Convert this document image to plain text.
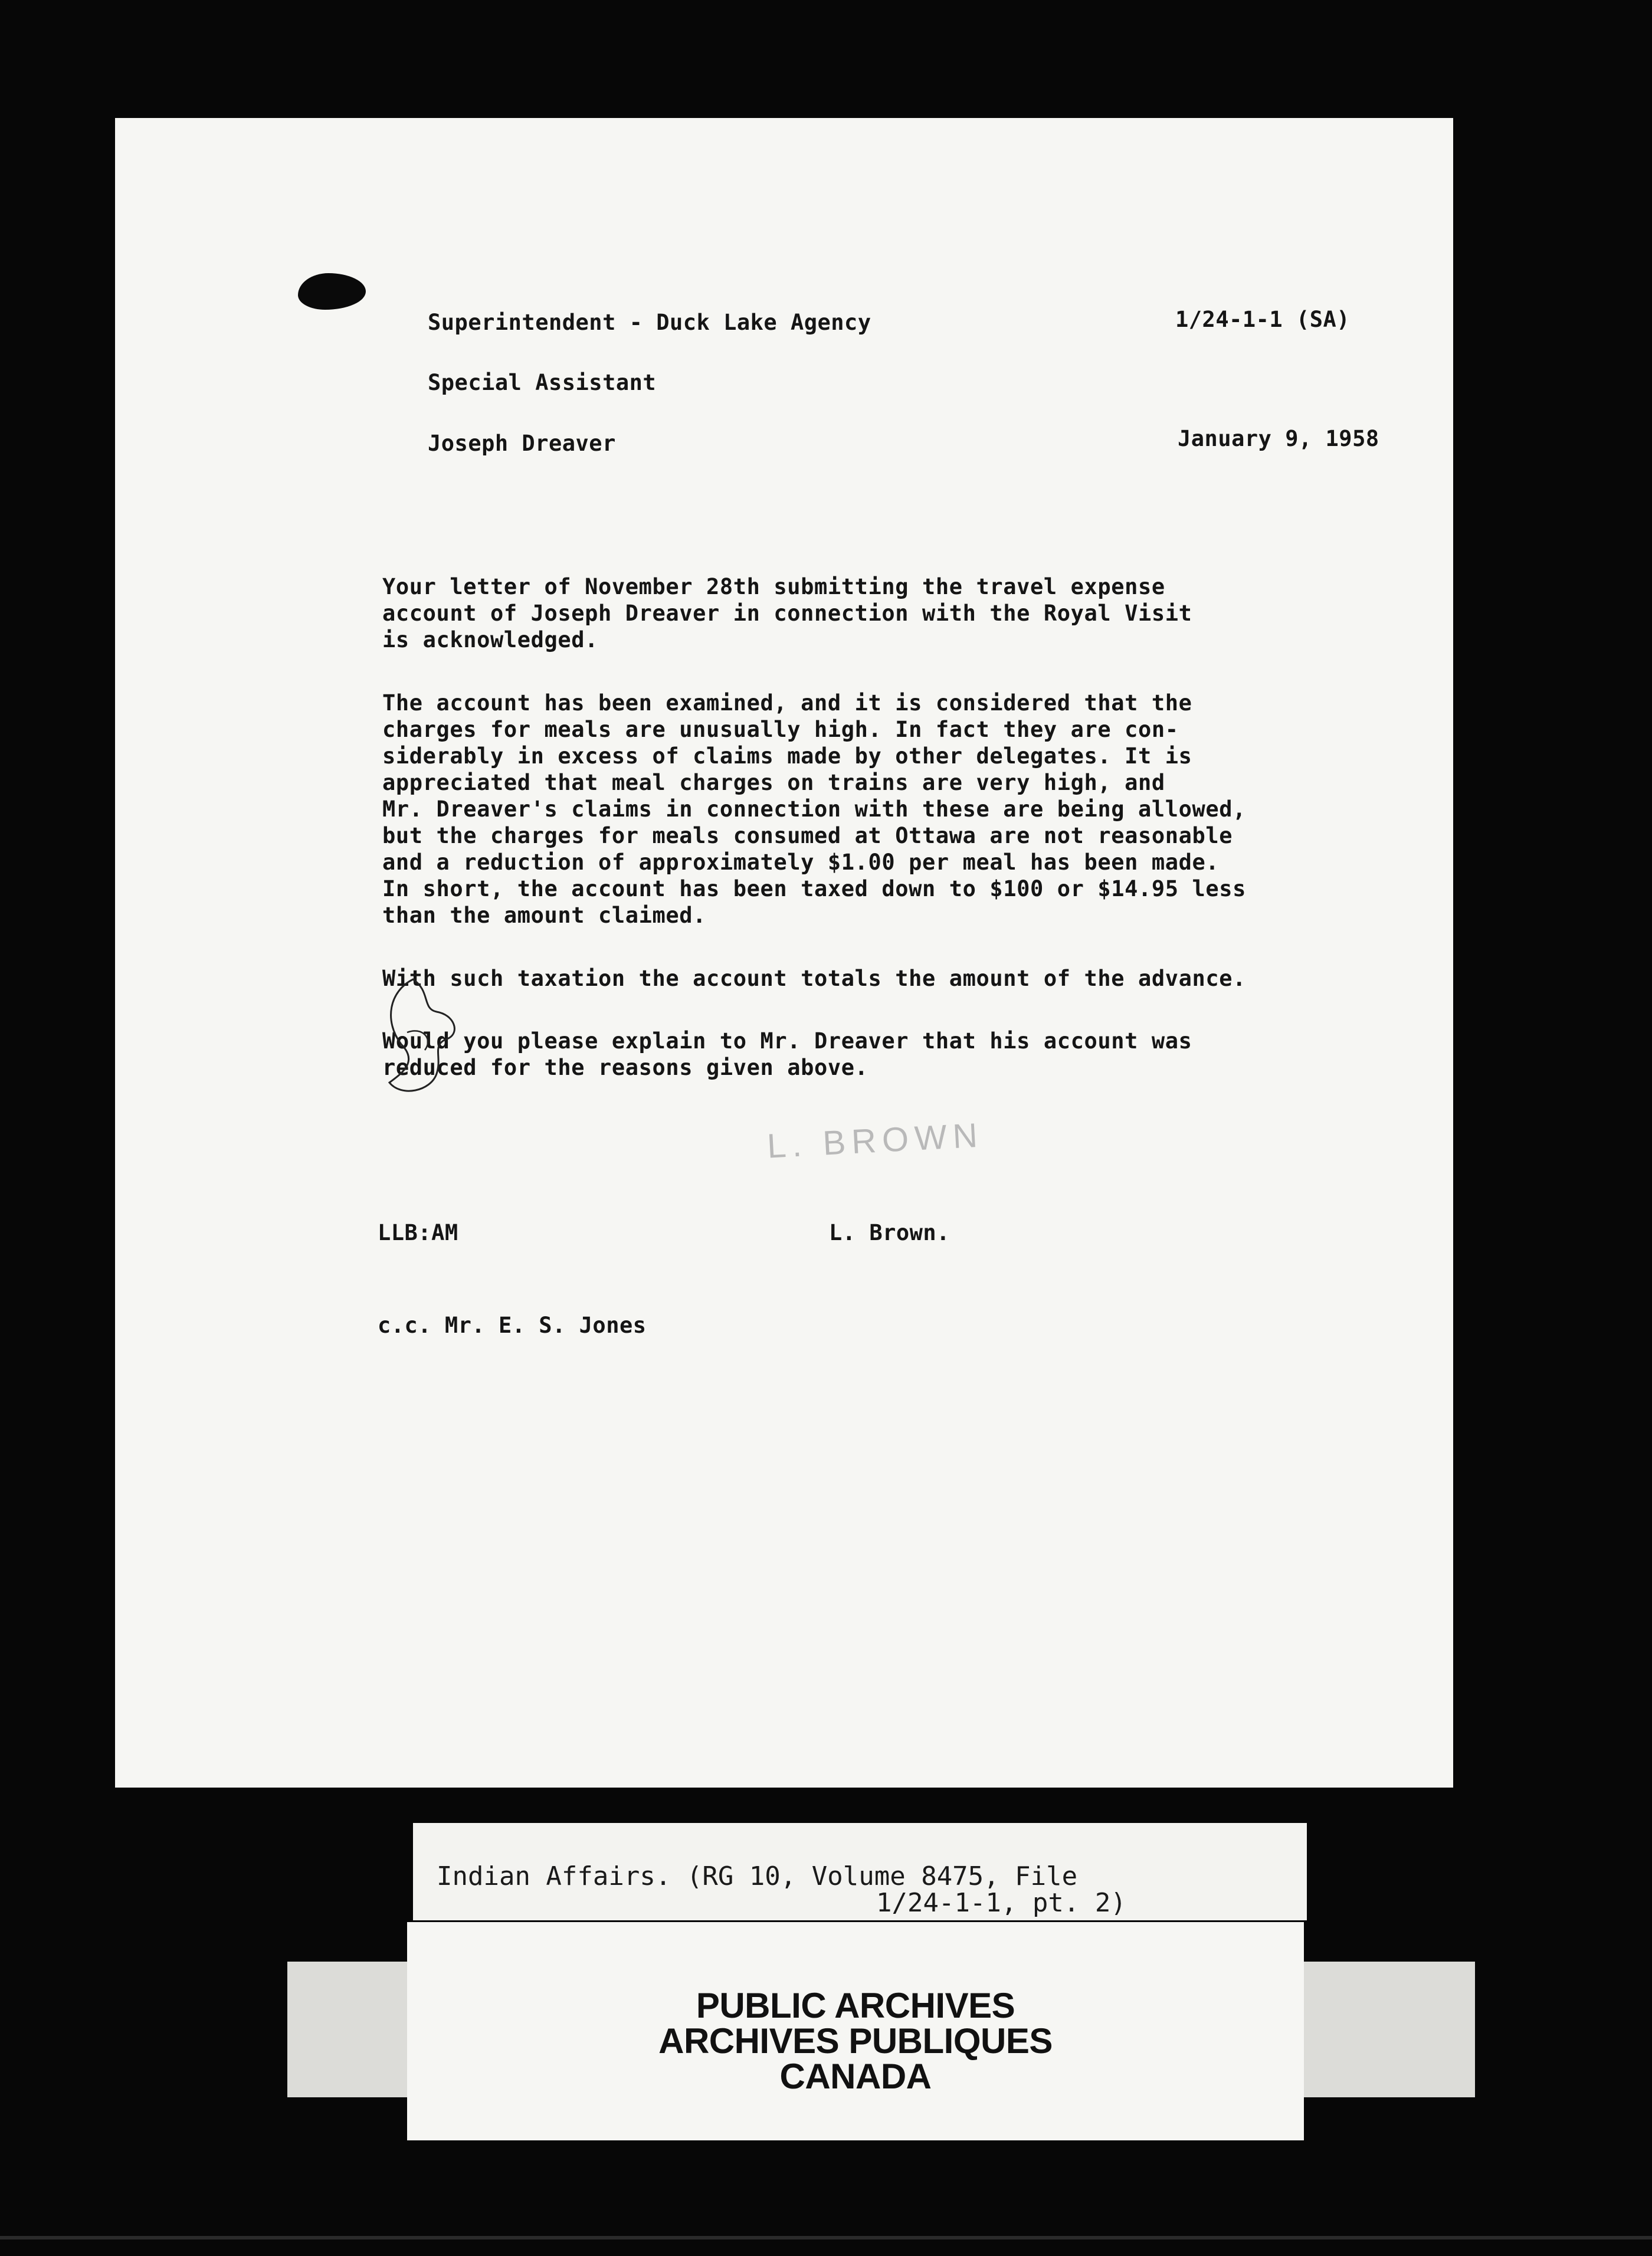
Superintendent - Duck Lake Agency	1/24-1-1 (SA)
Special Assistant
Joseph Dreaver	January 9, 1958
Your letter of November 28th submitting the travel expense
account of Joseph Dreaver in connection with the Royal Visit
is acknowledged.
The account has been examined, and it is considered that the
charges for meals are unusually high. In fact they are con-
siderably in excess of claims made by other delegates. It is
appreciated that meal charges on trains are very high, and
Mr. Dreaver's claims in connection with these are being allowed,
but the charges for meals consumed at Ottawa are not reasonable
and a reduction of approximately $1.00 per meal has been made.
In short, the account has been taxed down to $100 or $14.95 less
than the amount claimed.
With such taxation the account totals the amount of the advance.
Would you please explain to Mr. Dreaver that his account was
reduced for the reasons given above.
L. BROWN
LLB:AM	L. Brown.
c.c. Mr. E. S. Jones
Indian Affairs. (RG 10, Volume 8475, File
1/24-1-1, pt. 2)
PUBLIC ARCHIVES
ARCHIVES PUBLIQUES
CANADA
